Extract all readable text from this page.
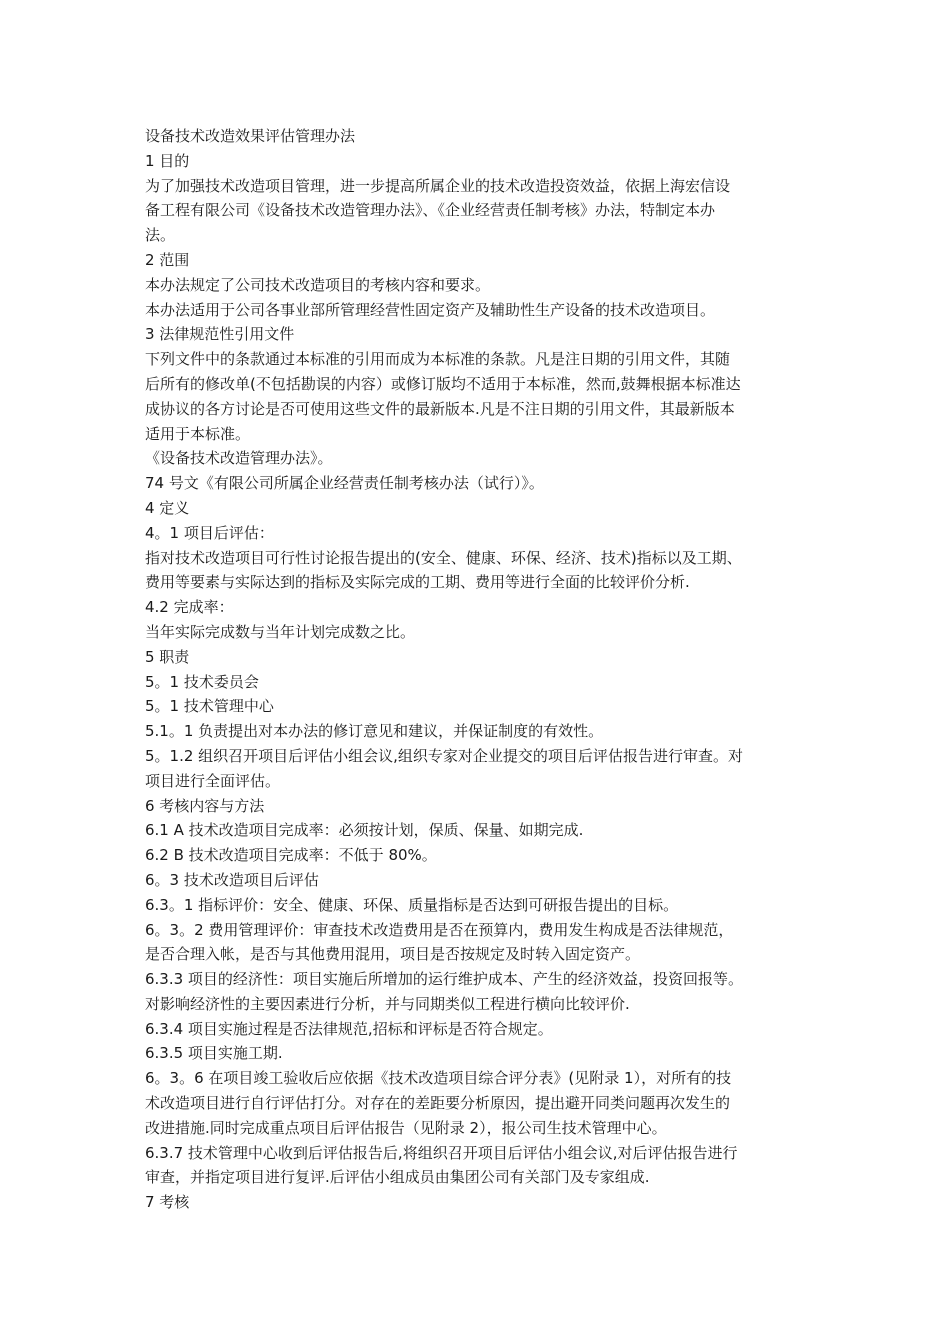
设备技术改造效果评估管理办法
1 目的
为了加强技术改造项目管理，进一步提高所属企业的技术改造投资效益，依据上海宏信设
备工程有限公司《设备技术改造管理办法》、《企业经营责任制考核》办法，特制定本办
法。
2 范围
本办法规定了公司技术改造项目的考核内容和要求。
本办法适用于公司各事业部所管理经营性固定资产及辅助性生产设备的技术改造项目。
3 法律规范性引用文件
下列文件中的条款通过本标准的引用而成为本标准的条款。凡是注日期的引用文件，其随
后所有的修改单(不包括勘误的内容）或修订版均不适用于本标准，然而,鼓舞根据本标准达
成协议的各方讨论是否可使用这些文件的最新版本.凡是不注日期的引用文件，其最新版本
适用于本标准。
《设备技术改造管理办法》。
74 号文《有限公司所属企业经营责任制考核办法（试行）》。
4 定义
4。1 项目后评估：
指对技术改造项目可行性讨论报告提出的(安全、健康、环保、经济、技术)指标以及工期、
费用等要素与实际达到的指标及实际完成的工期、费用等进行全面的比较评价分析.
4.2 完成率：
当年实际完成数与当年计划完成数之比。
5 职责
5。1 技术委员会
5。1 技术管理中心
5.1。1 负责提出对本办法的修订意见和建议，并保证制度的有效性。
5。1.2 组织召开项目后评估小组会议,组织专家对企业提交的项目后评估报告进行审查。对
项目进行全面评估。
6 考核内容与方法
6.1 A 技术改造项目完成率：必须按计划，保质、保量、如期完成.
6.2 B 技术改造项目完成率：不低于 80%。
6。3 技术改造项目后评估
6.3。1 指标评价：安全、健康、环保、质量指标是否达到可研报告提出的目标。
6。3。2 费用管理评价：审查技术改造费用是否在预算内，费用发生构成是否法律规范，
是否合理入帐，是否与其他费用混用，项目是否按规定及时转入固定资产。
6.3.3 项目的经济性：项目实施后所增加的运行维护成本、产生的经济效益，投资回报等。
对影响经济性的主要因素进行分析，并与同期类似工程进行横向比较评价.
6.3.4 项目实施过程是否法律规范,招标和评标是否符合规定。
6.3.5 项目实施工期.
6。3。6 在项目竣工验收后应依据《技术改造项目综合评分表》(见附录 1），对所有的技
术改造项目进行自行评估打分。对存在的差距要分析原因，提出避开同类问题再次发生的
改进措施.同时完成重点项目后评估报告（见附录 2），报公司生技术管理中心。
6.3.7 技术管理中心收到后评估报告后,将组织召开项目后评估小组会议,对后评估报告进行
审查，并指定项目进行复评.后评估小组成员由集团公司有关部门及专家组成.
7 考核
